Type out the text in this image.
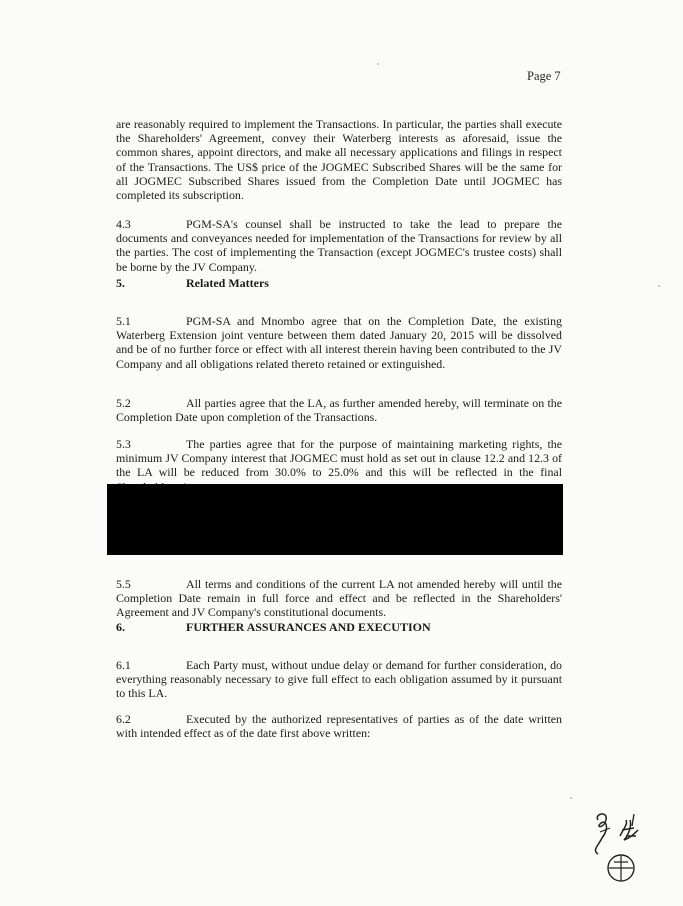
Page 7

are reasonably required to implement the Transactions. In particular, the parties shall execute the Shareholders' Agreement, convey their Waterberg interests as aforesaid, issue the common shares, appoint directors, and make all necessary applications and filings in respect of the Transactions. The US$ price of the JOGMEC Subscribed Shares will be the same for all JOGMEC Subscribed Shares issued from the Completion Date until JOGMEC has completed its subscription.

4.3	PGM-SA's counsel shall be instructed to take the lead to prepare the documents and conveyances needed for implementation of the Transactions for review by all the parties. The cost of implementing the Transaction (except JOGMEC's trustee costs) shall be borne by the JV Company.

5.	Related Matters

5.1	PGM-SA and Mnombo agree that on the Completion Date, the existing Waterberg Extension joint venture between them dated January 20, 2015 will be dissolved and be of no further force or effect with all interest therein having been contributed to the JV Company and all obligations related thereto retained or extinguished.

5.2	All parties agree that the LA, as further amended hereby, will terminate on the Completion Date upon completion of the Transactions.

5.3	The parties agree that for the purpose of maintaining marketing rights, the minimum JV Company interest that JOGMEC must hold as set out in clause 12.2 and 12.3 of the LA will be reduced from 30.0% to 25.0% and this will be reflected in the final

5.5	All terms and conditions of the current LA not amended hereby will until the Completion Date remain in full force and effect and be reflected in the Shareholders' Agreement and JV Company's constitutional documents.

6.	FURTHER ASSURANCES AND EXECUTION

6.1	Each Party must, without undue delay or demand for further consideration, do everything reasonably necessary to give full effect to each obligation assumed by it pursuant to this LA.

6.2	Executed by the authorized representatives of parties as of the date written with intended effect as of the date first above written:
